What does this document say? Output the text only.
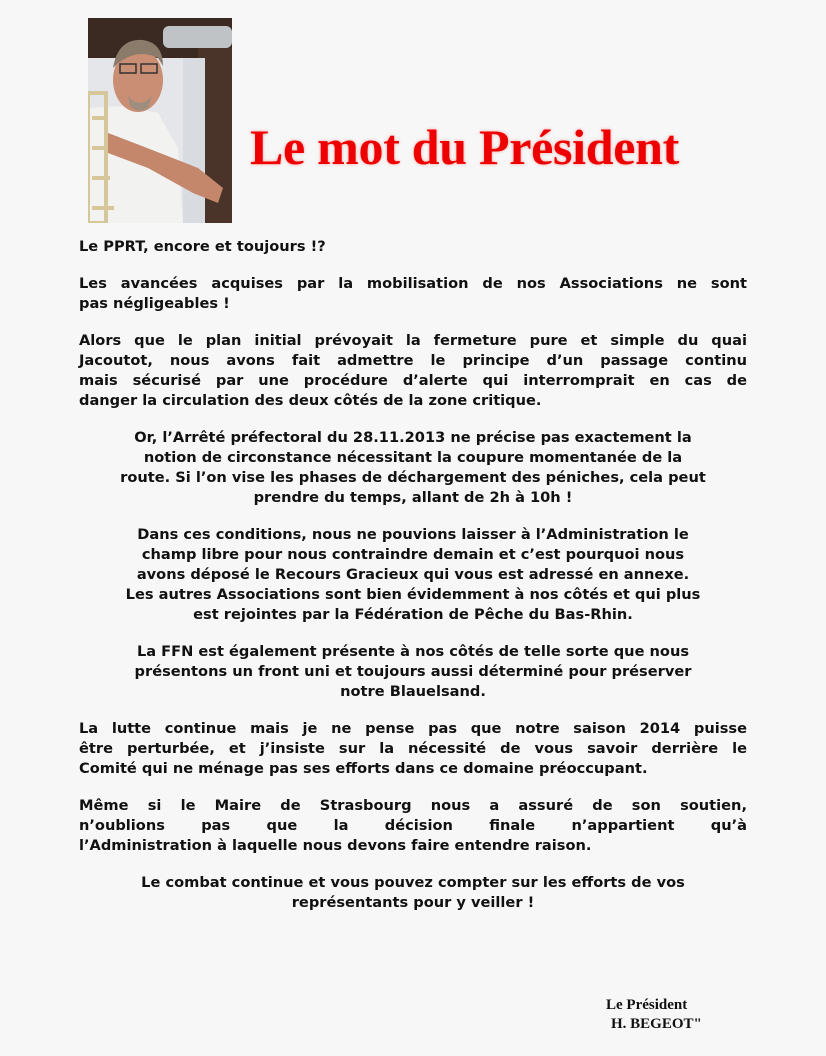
Le mot du Président
Le PPRT, encore et toujours !?
Les avancées acquises par la mobilisation de nos Associations ne sont
pas négligeables !
Alors que le plan initial prévoyait la fermeture pure et simple du quai
Jacoutot, nous avons fait admettre le principe d’un passage continu
mais sécurisé par une procédure d’alerte qui interromprait en cas de
danger la circulation des deux côtés de la zone critique.
Or, l’Arrêté préfectoral du 28.11.2013 ne précise pas exactement la
notion de circonstance nécessitant la coupure momentanée de la
route. Si l’on vise les phases de déchargement des péniches, cela peut
prendre du temps, allant de 2h à 10h !
Dans ces conditions, nous ne pouvions laisser à l’Administration le
champ libre pour nous contraindre demain et c’est pourquoi nous
avons déposé le Recours Gracieux qui vous est adressé en annexe.
Les autres Associations sont bien évidemment à nos côtés et qui plus
est rejointes par la Fédération de Pêche du Bas-Rhin.
La FFN est également présente à nos côtés de telle sorte que nous
présentons un front uni et toujours aussi déterminé pour préserver
notre Blauelsand.
La lutte continue mais je ne pense pas que notre saison 2014 puisse
être perturbée, et j’insiste sur la nécessité de vous savoir derrière le
Comité qui ne ménage pas ses efforts dans ce domaine préoccupant.
Même si le Maire de Strasbourg nous a assuré de son soutien,
n’oublions pas que la décision finale n’appartient qu’à
l’Administration à laquelle nous devons faire entendre raison.
Le combat continue et vous pouvez compter sur les efforts de vos
représentants pour y veiller !
Le Président
H. BEGEOT"
